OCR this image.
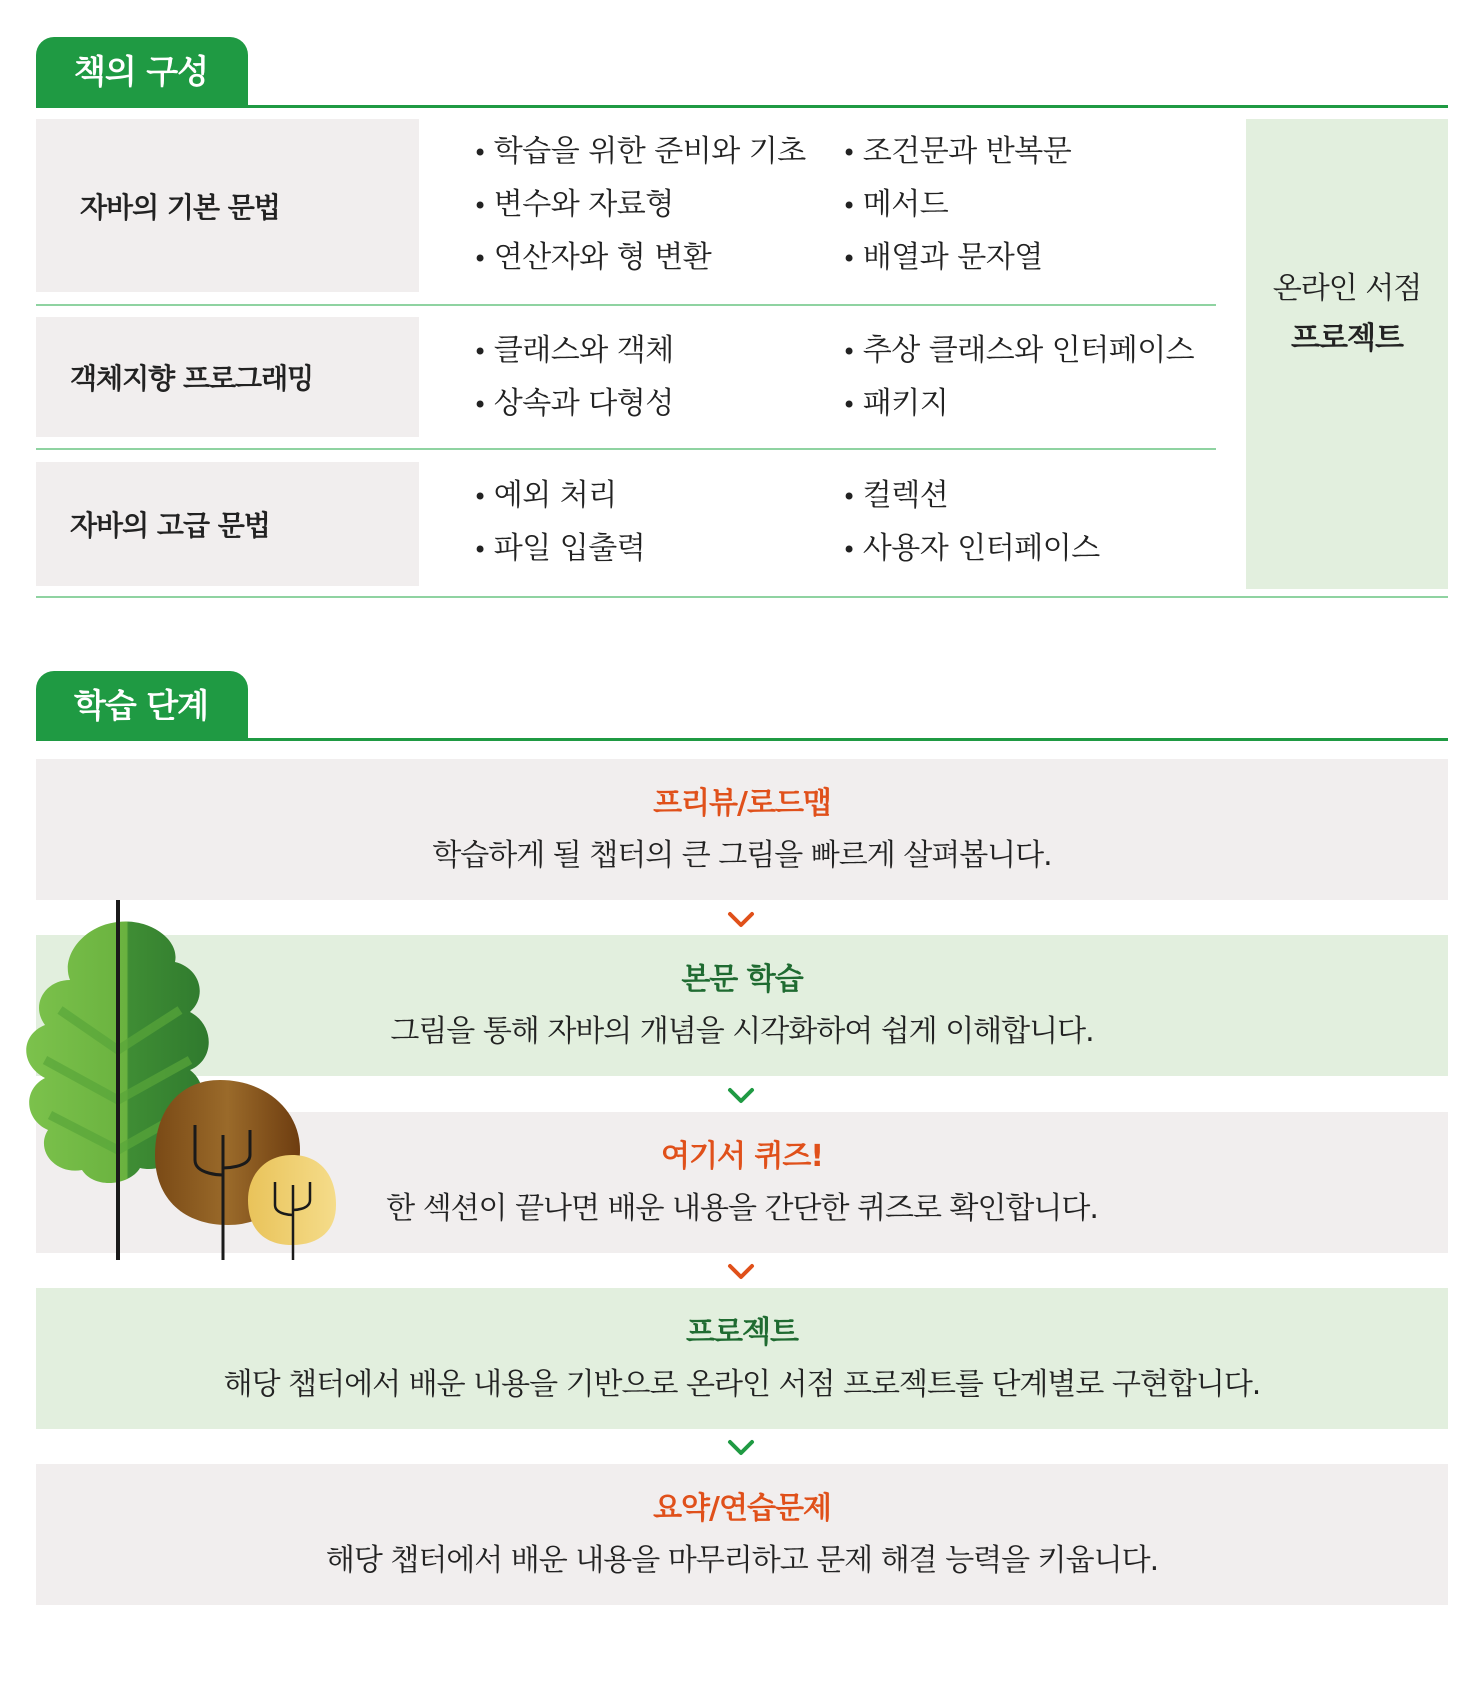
책의 구성
자바의 기본 문법
• 학습을 위한 준비와 기초
• 변수와 자료형
• 연산자와 형 변환
• 조건문과 반복문
• 메서드
• 배열과 문자열
객체지향 프로그래밍
• 클래스와 객체
• 상속과 다형성
• 추상 클래스와 인터페이스
• 패키지
자바의 고급 문법
• 예외 처리
• 파일 입출력
• 컬렉션
• 사용자 인터페이스
온라인 서점
프로젝트
학습 단계
프리뷰/로드맵
학습하게 될 챕터의 큰 그림을 빠르게 살펴봅니다.
본문 학습
그림을 통해 자바의 개념을 시각화하여 쉽게 이해합니다.
여기서 퀴즈!
한 섹션이 끝나면 배운 내용을 간단한 퀴즈로 확인합니다.
프로젝트
해당 챕터에서 배운 내용을 기반으로 온라인 서점 프로젝트를 단계별로 구현합니다.
요약/연습문제
해당 챕터에서 배운 내용을 마무리하고 문제 해결 능력을 키웁니다.
